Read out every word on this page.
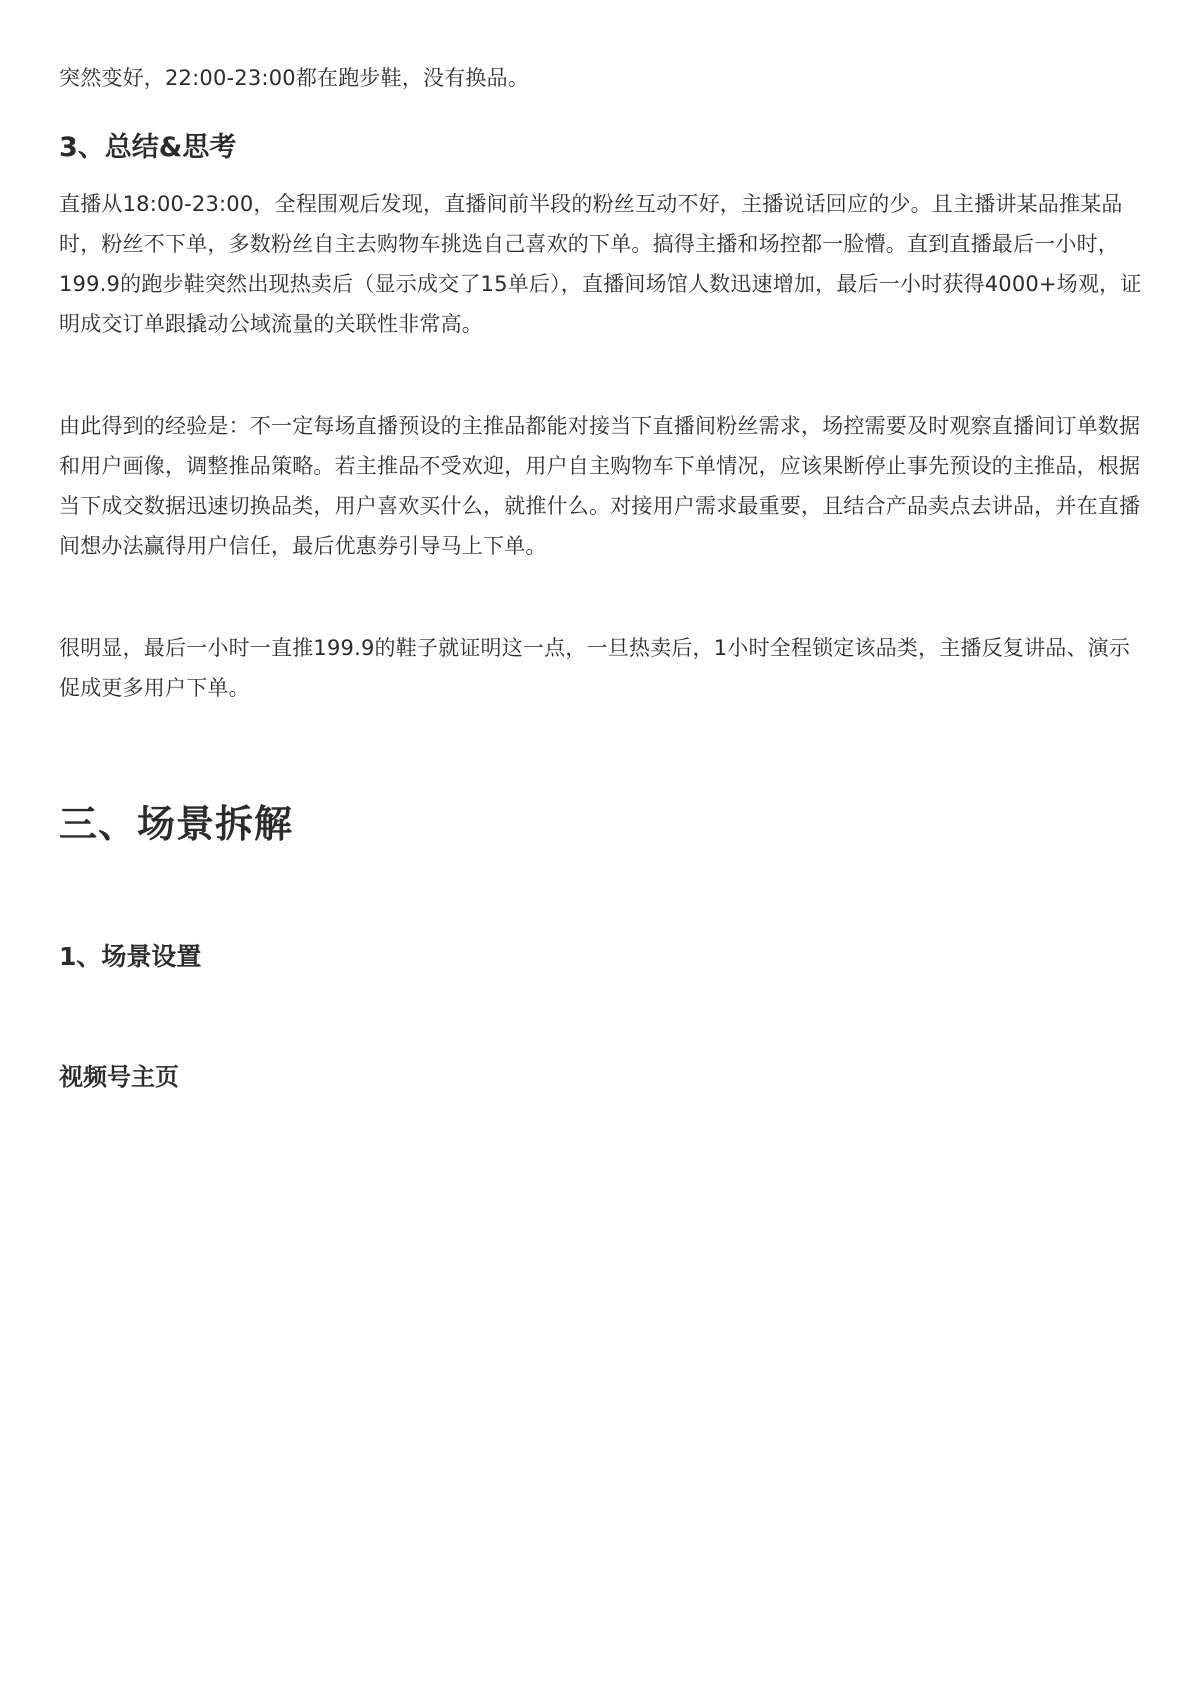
突然变好，22:00-23:00都在跑步鞋，没有换品。

3、总结&思考

直播从18:00-23:00，全程围观后发现，直播间前半段的粉丝互动不好，主播说话回应的少。且主播讲某品推某品时，粉丝不下单，多数粉丝自主去购物车挑选自己喜欢的下单。搞得主播和场控都一脸懵。直到直播最后一小时，199.9的跑步鞋突然出现热卖后（显示成交了15单后），直播间场馆人数迅速增加，最后一小时获得4000+场观，证明成交订单跟撬动公域流量的关联性非常高。

由此得到的经验是：不一定每场直播预设的主推品都能对接当下直播间粉丝需求，场控需要及时观察直播间订单数据和用户画像，调整推品策略。若主推品不受欢迎，用户自主购物车下单情况，应该果断停止事先预设的主推品，根据当下成交数据迅速切换品类，用户喜欢买什么，就推什么。对接用户需求最重要，且结合产品卖点去讲品，并在直播间想办法赢得用户信任，最后优惠券引导马上下单。

很明显，最后一小时一直推199.9的鞋子就证明这一点，一旦热卖后，1小时全程锁定该品类，主播反复讲品、演示促成更多用户下单。

三、场景拆解
1、场景设置
视频号主页
